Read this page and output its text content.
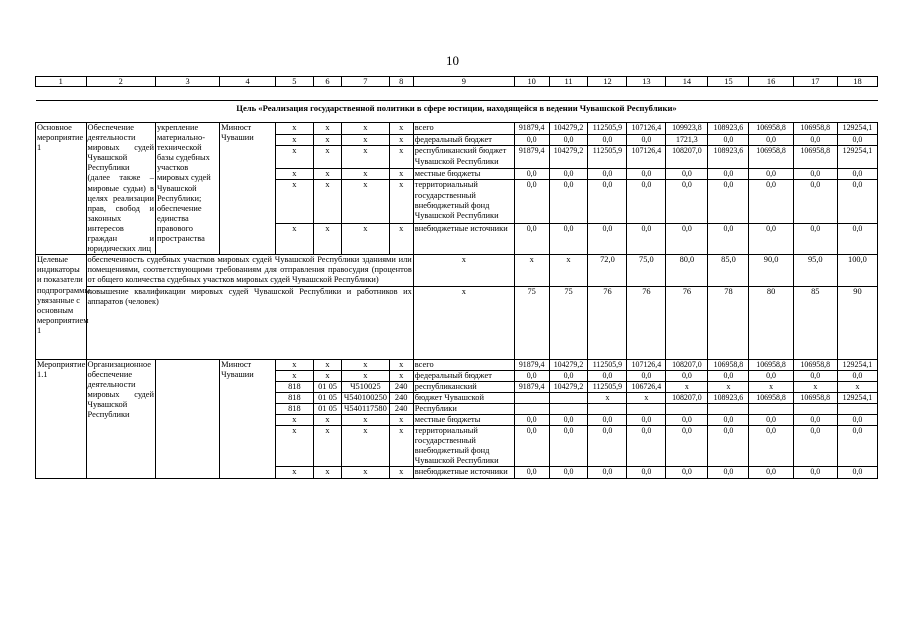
10
1	2	3	4	5	6	7	8	9	10	11	12	13	14	15	16	17	18

Цель «Реализация государственной политики в сфере юстиции, находящейся в ведении Чувашской Республики»																	

Основное мероприятие 1	Обеспечение деятельности мировых судей Чувашской Республики (далее также – мировые судьи) в целях реализации прав, свобод и законных интересов граждан и юридических лиц	укрепление материально-технической базы судебных участков мировых судей Чувашской Республики; обеспечение единства правового пространства	Минюст Чувашии	x	x	x	x	всего	91879,4	104279,2	112505,9	107126,4	109923,8	108923,6	106958,8	106958,8	129254,1
				x	x	x	x	федеральный бюджет	0,0	0,0	0,0	0,0	1721,3	0,0	0,0	0,0	0,0
				x	x	x	x	республиканский бюджет Чувашской Республики	91879,4	104279,2	112505,9	107126,4	108207,0	108923,6	106958,8	106958,8	129254,1
				x	x	x	x	местные бюджеты	0,0	0,0	0,0	0,0	0,0	0,0	0,0	0,0	0,0
				x	x	x	x	территориальный государственный внебюджетный фонд Чувашской Республики	0,0	0,0	0,0	0,0	0,0	0,0	0,0	0,0	0,0
				x	x	x	x	внебюджетные источники	0,0	0,0	0,0	0,0	0,0	0,0	0,0	0,0	0,0
Целевые индикаторы и показатели подпрограммы, увязанные с основным мероприятием 1	обеспеченность судебных участков мировых судей Чувашской Республики зданиями или помещениями, соответствующими требованиям для отправления правосудия (процентов от общего количества судебных участков мировых судей Чувашской Республики)							x	x	x	72,0	75,0	80,0	85,0	90,0	95,0	100,0
	повышение квалификации мировых судей Чувашской Республики и работников их аппаратов (человек)							x	75	75	76	76	76	78	80	85	90
Мероприятие 1.1	Организационное обеспечение деятельности мировых судей Чувашской Республики		Минюст Чувашии	x	x	x	x	всего	91879,4	104279,2	112505,9	107126,4	108207,0	106958,8	106958,8	106958,8	129254,1
				x	x	x	x	федеральный бюджет	0,0	0,0	0,0	0,0	0,0	0,0	0,0	0,0	0,0
				818	01 05	Ч510025	240	республиканский	91879,4	104279,2	112505,9	106726,4	x	x	x	x	x
				818	01 05	Ч540100250	240	бюджет Чувашской			x	x	108207,0	108923,6	106958,8	106958,8	129254,1
				818	01 05	Ч540117580	240	Республики									
				x	x	x	x	местные бюджеты	0,0	0,0	0,0	0,0	0,0	0,0	0,0	0,0	0,0
				x	x	x	x	территориальный государственный внебюджетный фонд Чувашской Республики	0,0	0,0	0,0	0,0	0,0	0,0	0,0	0,0	0,0
				x	x	x	x	внебюджетные источники	0,0	0,0	0,0	0,0	0,0	0,0	0,0	0,0	0,0
